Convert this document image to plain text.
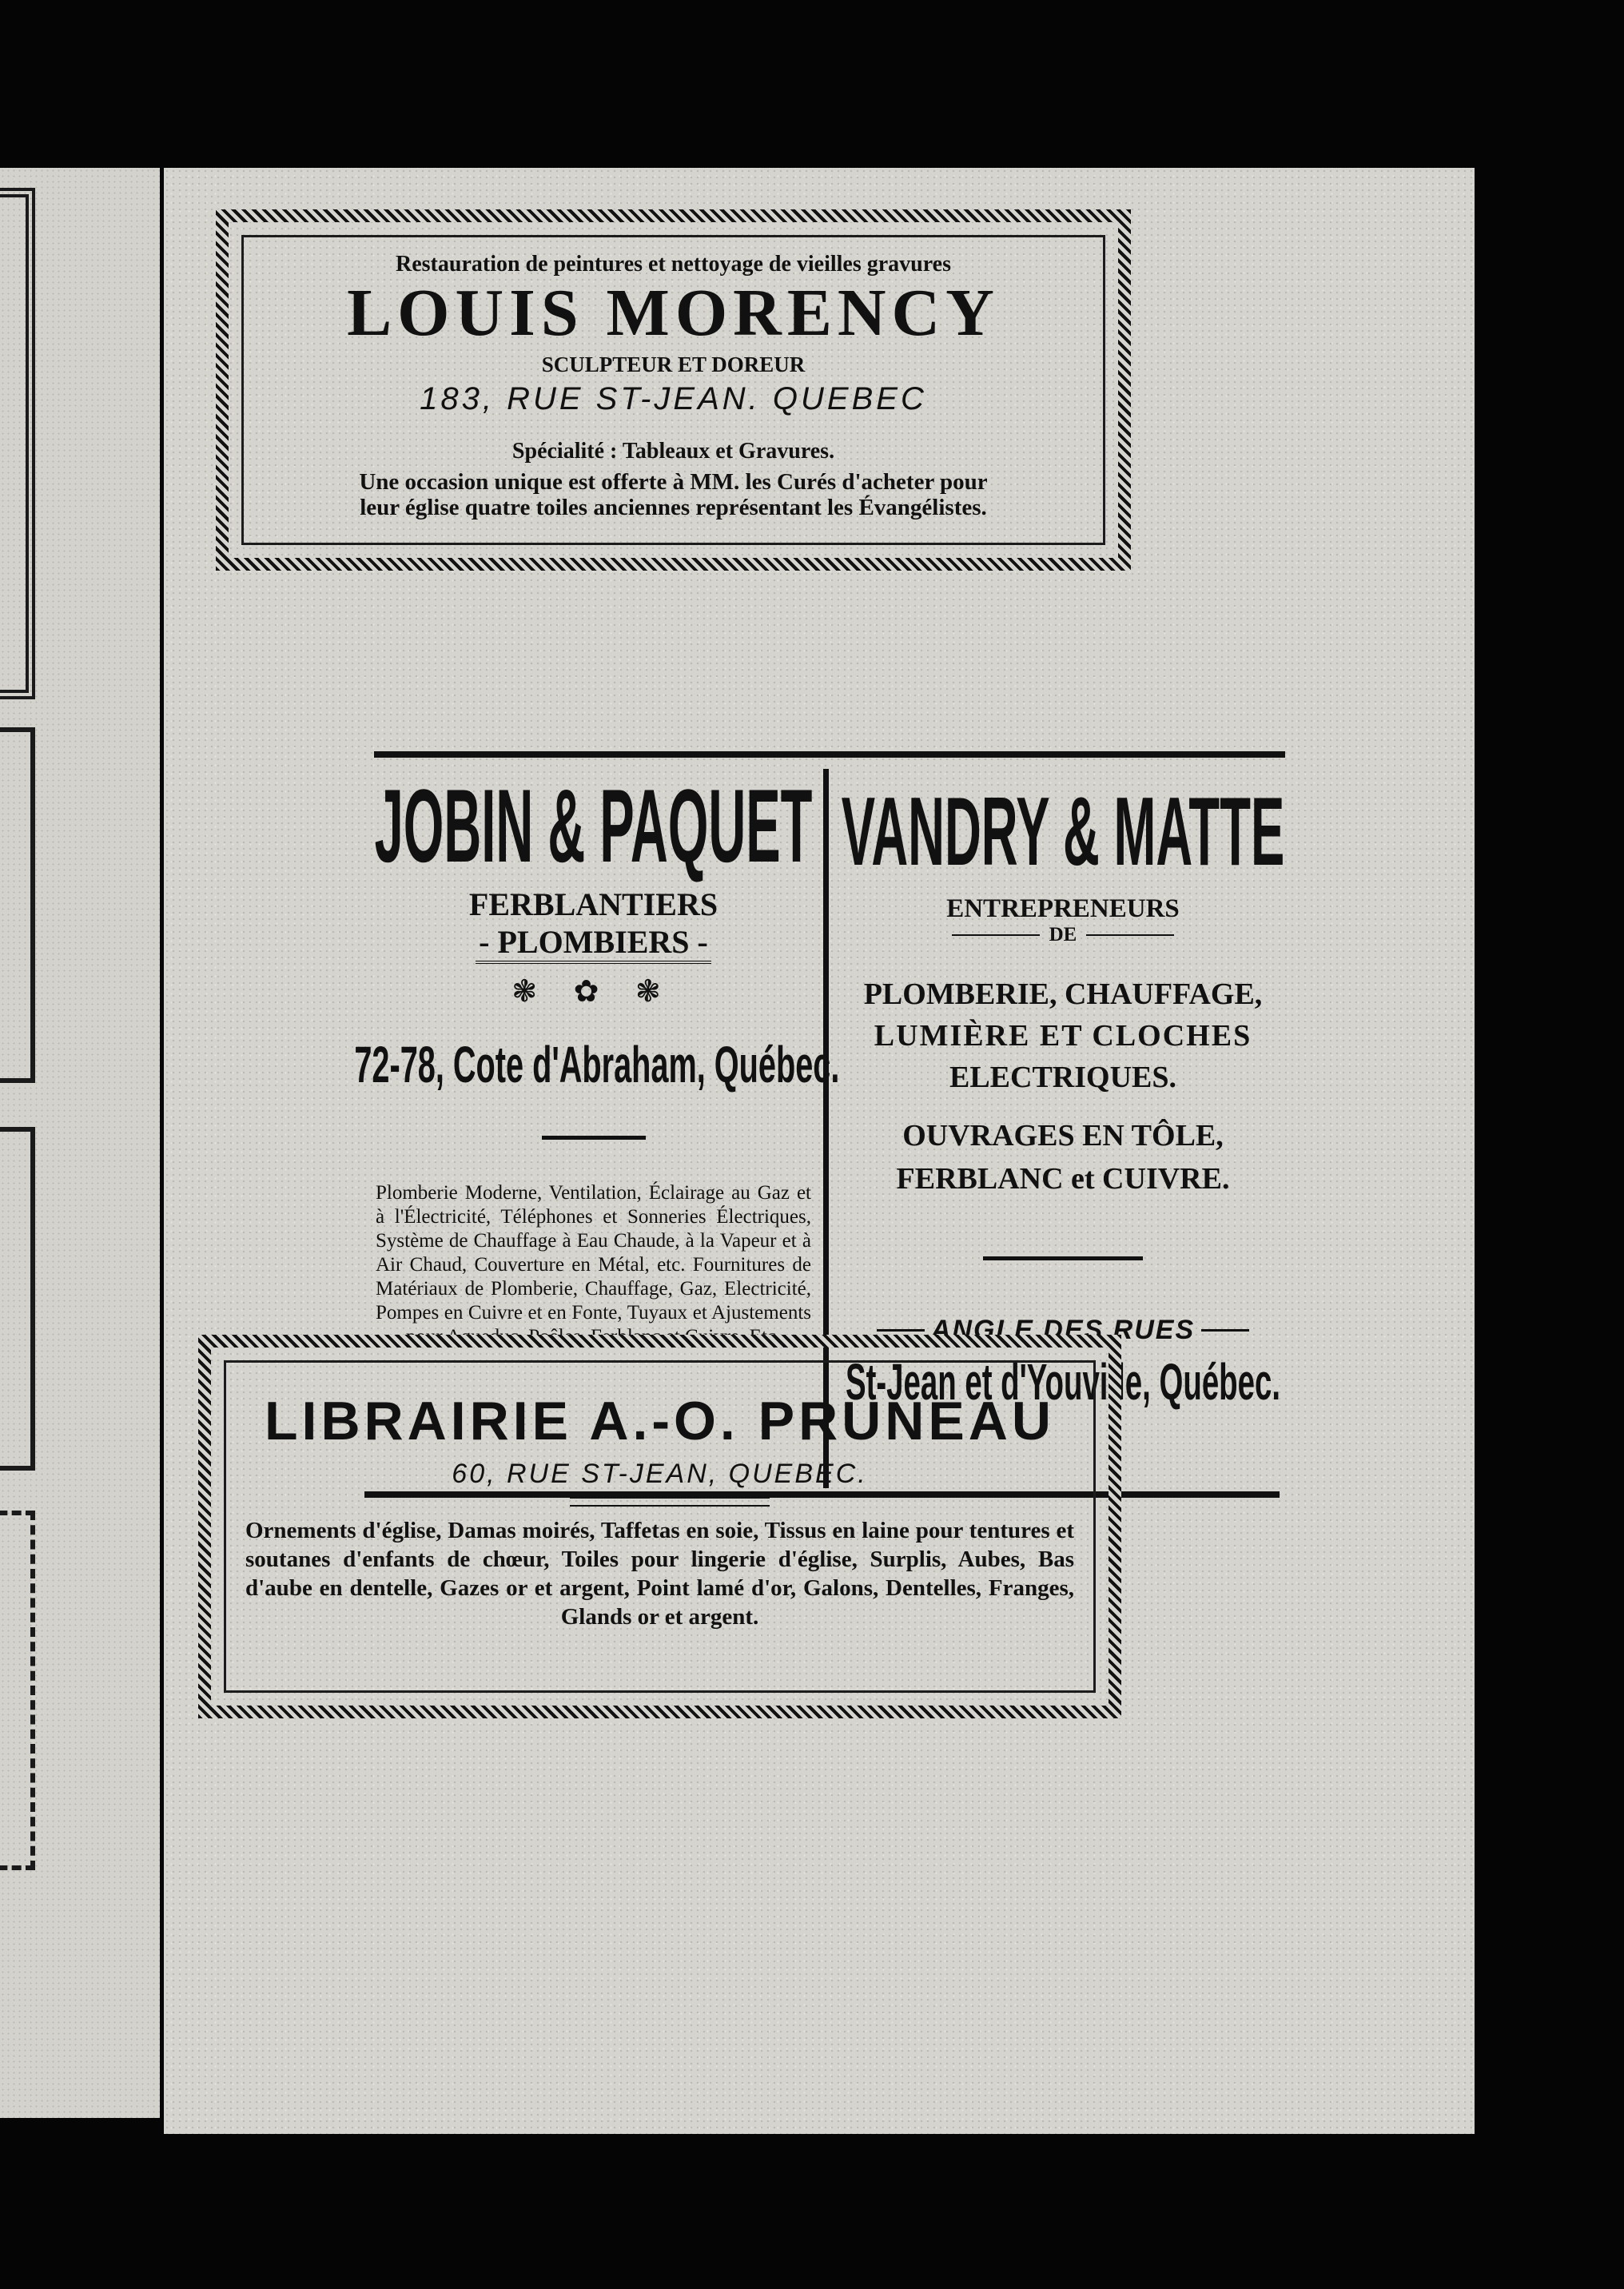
Restauration de peintures et nettoyage de vieilles gravures

LOUIS MORENCY

SCULPTEUR ET DOREUR

183, RUE ST-JEAN. QUEBEC

Spécialité : Tableaux et Gravures.

Une occasion unique est offerte à MM. les Curés d'acheter pour

leur église quatre toiles anciennes représentant les Évangélistes.

JOBIN & PAQUET
FERBLANTIERS
- PLOMBIERS -
❃ ✿ ❃
72-78, Cote d'Abraham, Québec.
Plomberie Moderne, Ventilation, Éclairage au Gaz et à l'Électricité, Téléphones et Sonneries Électriques, Système de Chauffage à Eau Chaude, à la Vapeur et à Air Chaud, Couverture en Métal, etc. Fournitures de Matériaux de Plomberie, Chauffage, Gaz, Electricité, Pompes en Cuivre et en Fonte, Tuyaux et Ajustements pour Aqueduc, Poêles, Ferblanc et Cuivre, Etc.
VANDRY & MATTE
ENTREPRENEURS
DE
PLOMBERIE, CHAUFFAGE,
LUMIÈRE ET CLOCHES
ELECTRIQUES.
OUVRAGES EN TÔLE,
FERBLANC et CUIVRE.
ANGLE DES RUES
St-Jean et d'Youville, Québec.

LIBRAIRIE A.-O. PRUNEAU

60, RUE ST-JEAN, QUEBEC.

Ornements d'église, Damas moirés, Taffetas en soie, Tissus en laine pour tentures et soutanes d'enfants de chœur, Toiles pour lingerie d'église, Surplis, Aubes, Bas d'aube en dentelle, Gazes or et argent, Point lamé d'or, Galons, Dentelles, Franges, Glands or et argent.
